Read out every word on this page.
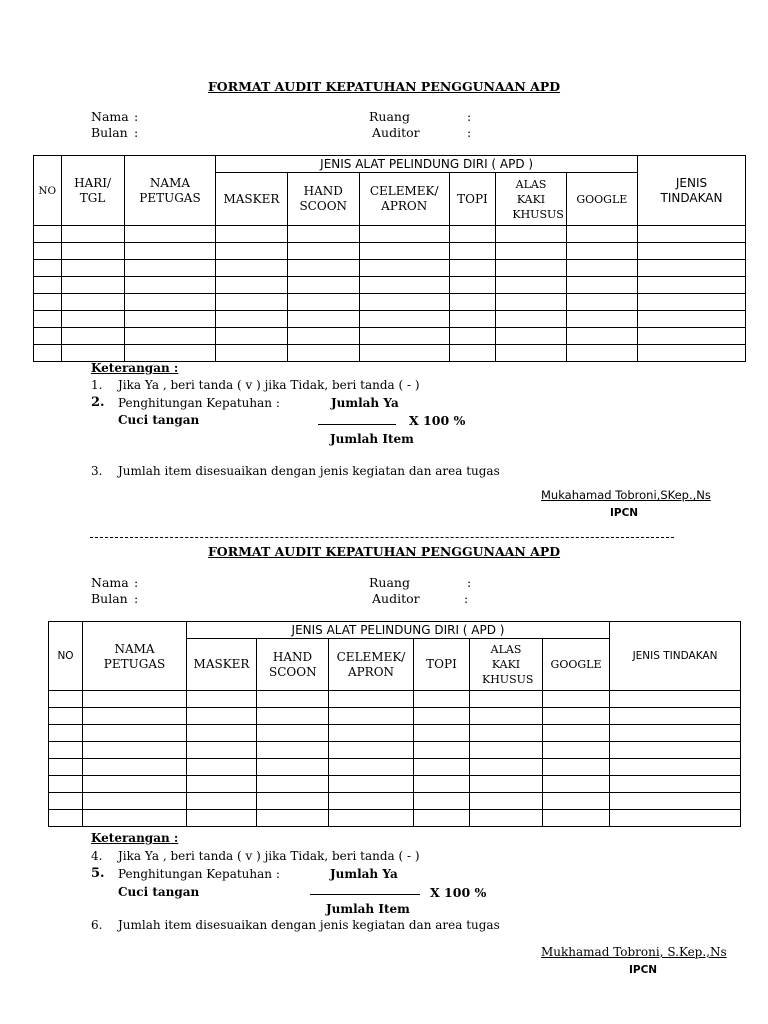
FORMAT AUDIT KEPATUHAN PENGGUNAAN APD
Nama :
Bulan :
Ruang	:
Auditor	:
NO	HARI/ TGL	NAMA PETUGAS	JENIS ALAT PELINDUNG DIRI ( APD )						JENIS TINDAKAN
			MASKER	HAND SCOON	CELEMEK/ APRON	TOPI	ALAS KAKI KHUSUS	GOOGLE	

Keterangan :
1. Jika Ya , beri tanda ( v ) jika Tidak, beri tanda ( - )
2. Penghitungan Kepatuhan :	Jumlah Ya
Cuci tangan	X 100 %
Jumlah Item
3. Jumlah item disesuaikan dengan jenis kegiatan dan area tugas
Mukahamad Tobroni,SKep.,Ns
IPCN
FORMAT AUDIT KEPATUHAN PENGGUNAAN APD
Nama :
Bulan :
Ruang	:
Auditor	:
NO	NAMA PETUGAS	JENIS ALAT PELINDUNG DIRI ( APD )						JENIS TINDAKAN
		MASKER	HAND SCOON	CELEMEK/ APRON	TOPI	ALAS KAKI KHUSUS	GOOGLE	

Keterangan :
4. Jika Ya , beri tanda ( v ) jika Tidak, beri tanda ( - )
5. Penghitungan Kepatuhan :	Jumlah Ya
Cuci tangan	X 100 %
Jumlah Item
6. Jumlah item disesuaikan dengan jenis kegiatan dan area tugas
Mukhamad Tobroni, S.Kep.,Ns
IPCN
